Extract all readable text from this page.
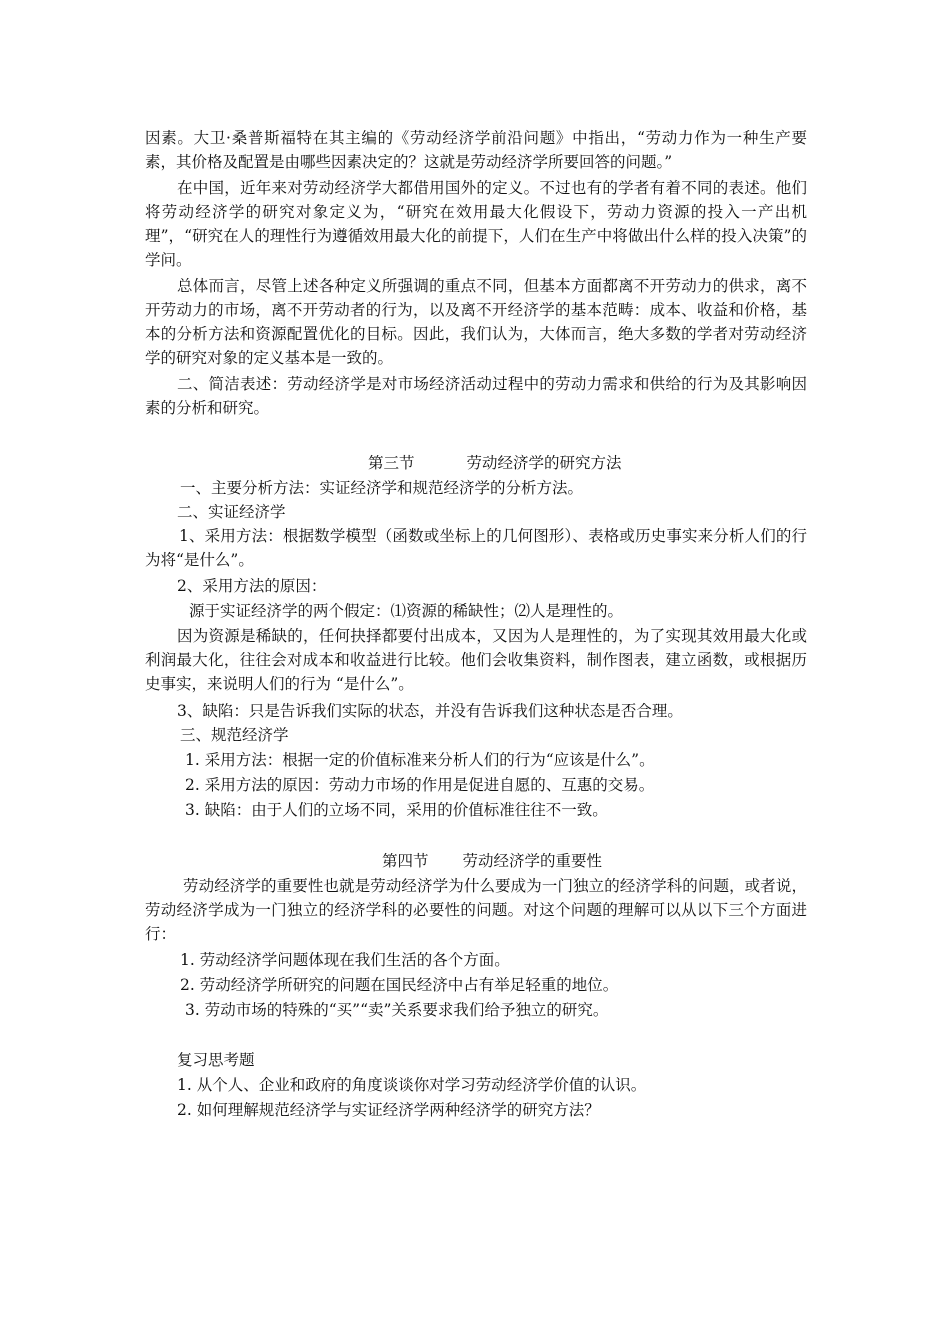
因素。大卫·桑普斯福特在其主编的《劳动经济学前沿问题》中指出，“劳动力作为一种生产要素，其价格及配置是由哪些因素决定的？这就是劳动经济学所要回答的问题。”

在中国，近年来对劳动经济学大都借用国外的定义。不过也有的学者有着不同的表述。他们将劳动经济学的研究对象定义为，“研究在效用最大化假设下，劳动力资源的投入一产出机理”，“研究在人的理性行为遵循效用最大化的前提下，人们在生产中将做出什么样的投入决策”的学问。

总体而言，尽管上述各种定义所强调的重点不同，但基本方面都离不开劳动力的供求，离不开劳动力的市场，离不开劳动者的行为，以及离不开经济学的基本范畴：成本、收益和价格，基本的分析方法和资源配置优化的目标。因此，我们认为，大体而言，绝大多数的学者对劳动经济学的研究对象的定义基本是一致的。

二、简洁表述：劳动经济学是对市场经济活动过程中的劳动力需求和供给的行为及其影响因素的分析和研究。

第三节	劳动经济学的研究方法

一、主要分析方法：实证经济学和规范经济学的分析方法。

二、实证经济学

1、采用方法：根据数学模型（函数或坐标上的几何图形）、表格或历史事实来分析人们的行为将“是什么”。

2、采用方法的原因：

源于实证经济学的两个假定：⑴资源的稀缺性；⑵人是理性的。

因为资源是稀缺的，任何抉择都要付出成本，又因为人是理性的，为了实现其效用最大化或利润最大化，往往会对成本和收益进行比较。他们会收集资料，制作图表，建立函数，或根据历史事实，来说明人们的行为 “是什么”。

3、缺陷：只是告诉我们实际的状态，并没有告诉我们这种状态是否合理。

三、规范经济学

1. 采用方法：根据一定的价值标准来分析人们的行为“应该是什么”。

2. 采用方法的原因：劳动力市场的作用是促进自愿的、互惠的交易。

3. 缺陷：由于人们的立场不同，采用的价值标准往往不一致。

第四节 劳动经济学的重要性

劳动经济学的重要性也就是劳动经济学为什么要成为一门独立的经济学科的问题，或者说，劳动经济学成为一门独立的经济学科的必要性的问题。对这个问题的理解可以从以下三个方面进行：

1. 劳动经济学问题体现在我们生活的各个方面。

2. 劳动经济学所研究的问题在国民经济中占有举足轻重的地位。

3. 劳动市场的特殊的“买”“卖”关系要求我们给予独立的研究。

复习思考题

1. 从个人、企业和政府的角度谈谈你对学习劳动经济学价值的认识。

2. 如何理解规范经济学与实证经济学两种经济学的研究方法？
